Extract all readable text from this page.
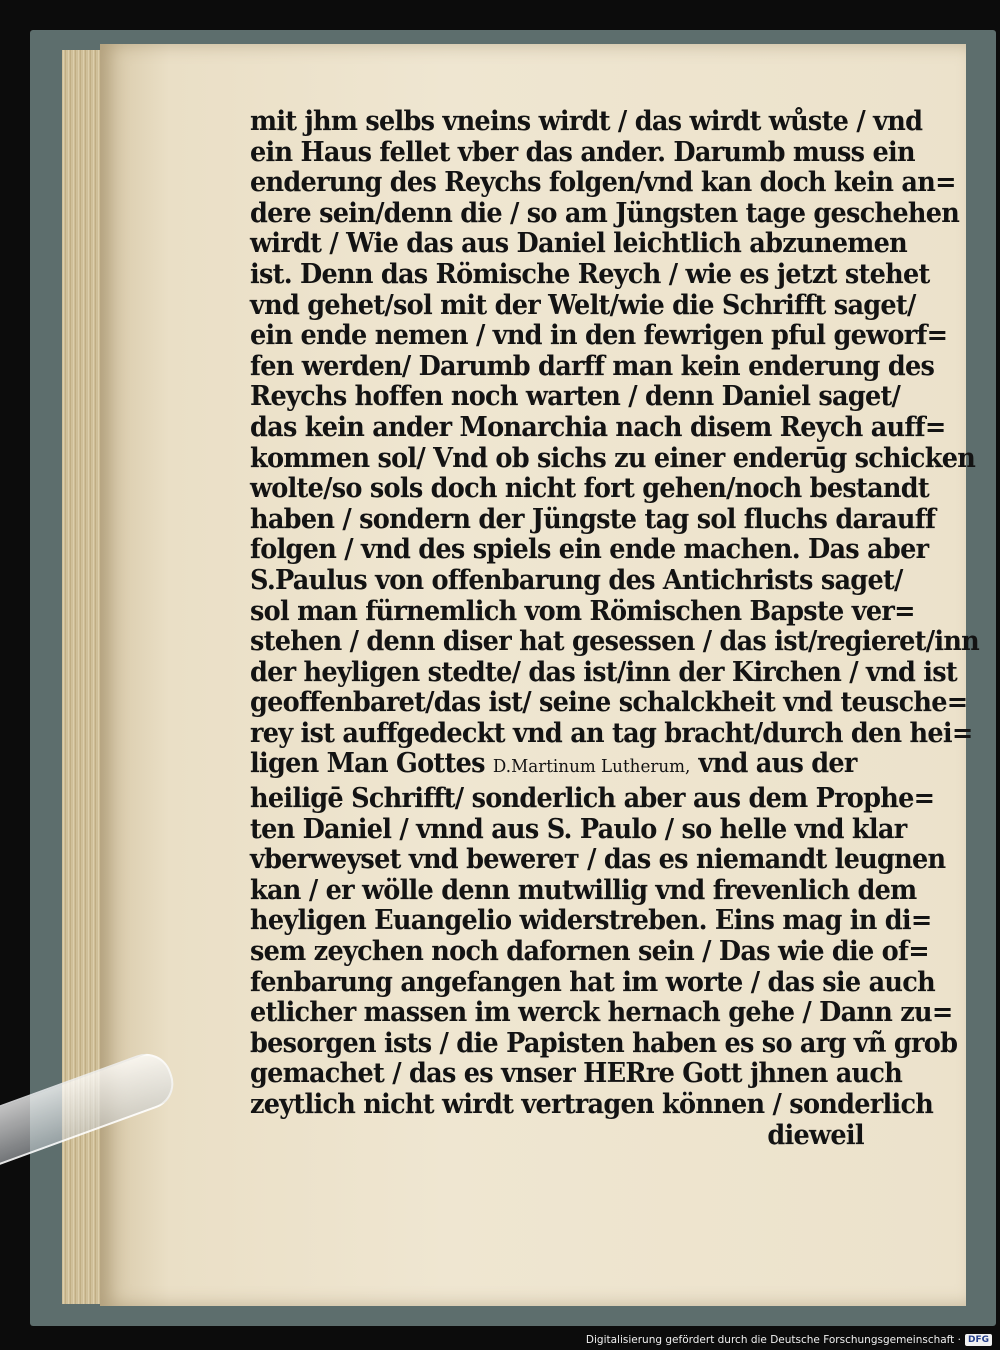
mit jhm selbs vneins wirdt / das wirdt wůste / vnd
ein Haus fellet vber das ander. Darumb muss ein
enderung des Reychs folgen/vnd kan doch kein an=
dere sein/denn die / so am Jüngsten tage geschehen
wirdt / Wie das aus Daniel leichtlich abzunemen
ist. Denn das Römische Reych / wie es jetzt stehet
vnd gehet/sol mit der Welt/wie die Schrifft saget/
ein ende nemen / vnd in den fewrigen pful geworf=
fen werden/ Darumb darff man kein enderung des
Reychs hoffen noch warten / denn Daniel saget/
das kein ander Monarchia nach disem Reych auff=
kommen sol/ Vnd ob sichs zu einer enderūg schicken
wolte/so sols doch nicht fort gehen/noch bestandt
haben / sondern der Jüngste tag sol fluchs darauff
folgen / vnd des spiels ein ende machen. Das aber
S.Paulus von offenbarung des Antichrists saget/
sol man fürnemlich vom Römischen Bapste ver=
stehen / denn diser hat gesessen / das ist/regieret/inn
der heyligen stedte/ das ist/inn der Kirchen / vnd ist
geoffenbaret/das ist/ seine schalckheit vnd teusche=
rey ist auffgedeckt vnd an tag bracht/durch den hei=
ligen Man Gottes D.Martinum Lutherum, vnd aus der
heiligē Schrifft/ sonderlich aber aus dem Prophe=
ten Daniel / vnnd aus S. Paulo / so helle vnd klar
vberweyset vnd bewerет / das es niemandt leugnen
kan / er wölle denn mutwillig vnd frevenlich dem
heyligen Euangelio widerstreben. Eins mag in di=
sem zeychen noch dafornen sein / Das wie die of=
fenbarung angefangen hat im worte / das sie auch
etlicher massen im werck hernach gehe / Dann zu=
besorgen ists / die Papisten haben es so arg vñ grob
gemachet / das es vnser HERre Gott jhnen auch
zeytlich nicht wirdt vertragen können / sonderlich
dieweil
Digitalisierung gefördert durch die Deutsche Forschungsgemeinschaft · DFG
